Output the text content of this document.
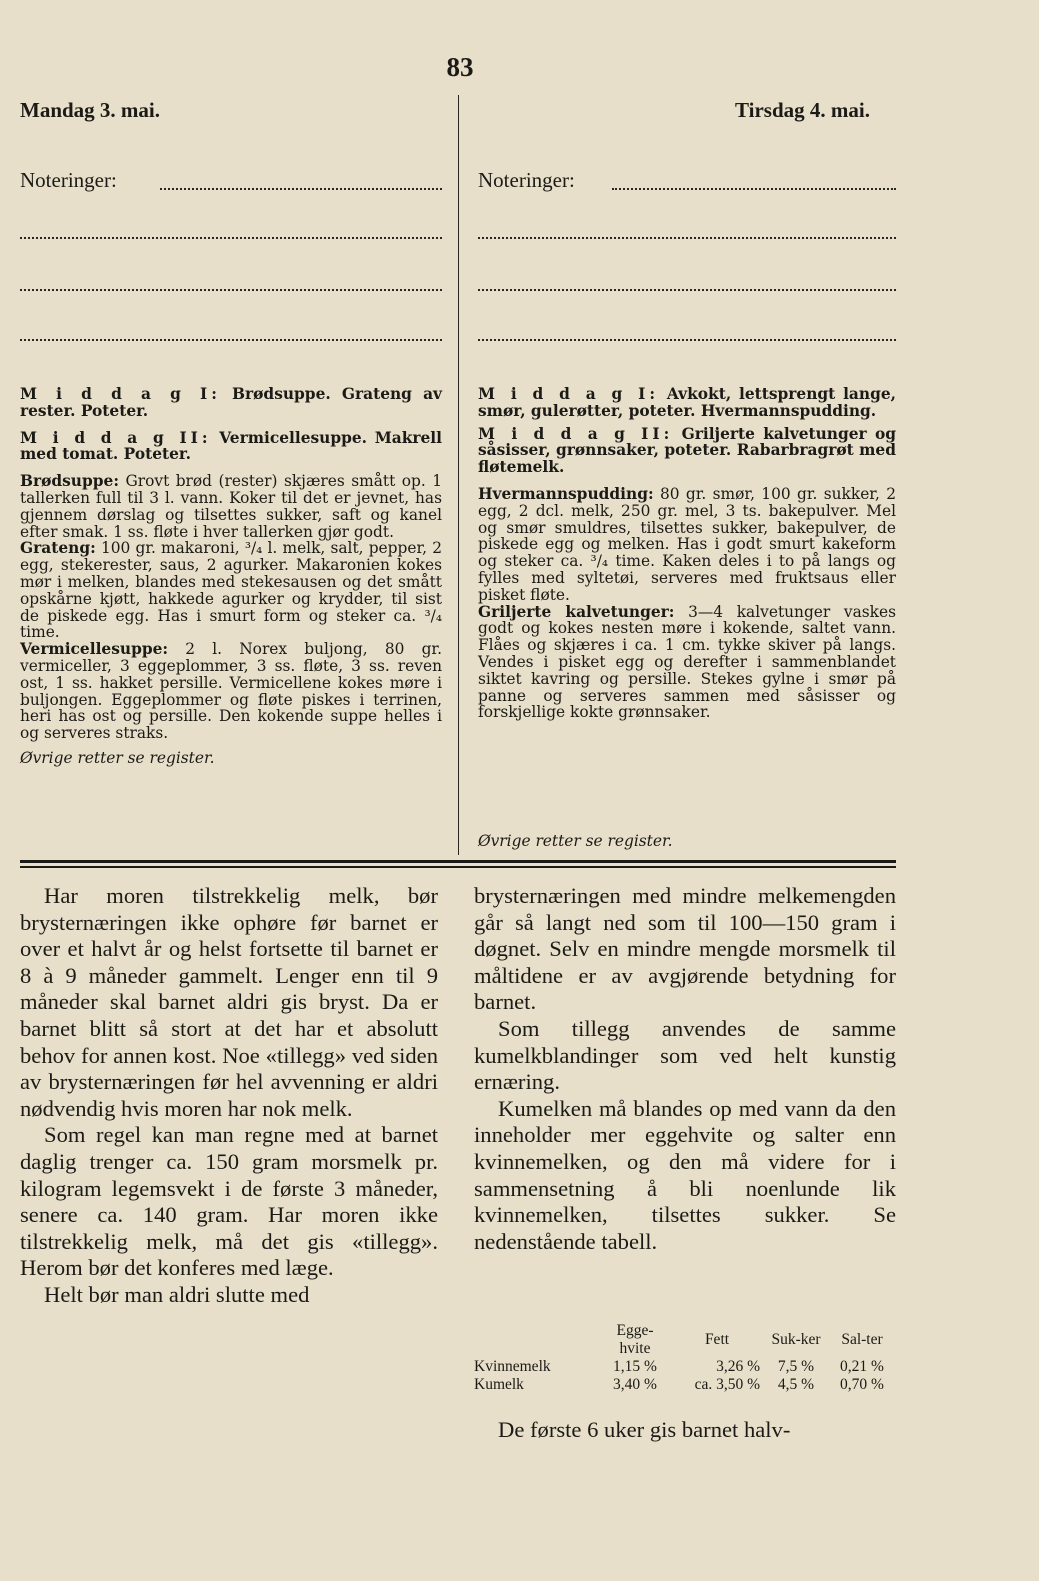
83
Mandag 3. mai.	Tirsdag 4. mai.
Noteringer:	Noteringer:

M i d d a g I: Brødsuppe. Grateng av rester. Poteter.

M i d d a g II: Vermicellesuppe. Makrell med tomat. Poteter.

Brødsuppe: Grovt brød (rester) skjæres smått op. 1 tallerken full til 3 l. vann. Koker til det er jevnet, has gjennem dørslag og tilsettes sukker, saft og kanel efter smak. 1 ss. fløte i hver tallerken gjør godt.

Grateng: 100 gr. makaroni, ³/₄ l. melk, salt, pepper, 2 egg, stekerester, saus, 2 agurker. Makaronien kokes mør i melken, blandes med stekesausen og det smått opskårne kjøtt, hakkede agurker og krydder, til sist de piskede egg. Has i smurt form og steker ca. ³/₄ time.

Vermicellesuppe: 2 l. Norex buljong, 80 gr. vermiceller, 3 eggeplommer, 3 ss. fløte, 3 ss. reven ost, 1 ss. hakket persille. Vermicellene kokes møre i buljongen. Eggeplommer og fløte piskes i terrinen, heri has ost og persille. Den kokende suppe helles i og serveres straks.

Øvrige retter se register.

M i d d a g I: Avkokt, lettsprengt lange, smør, gulerøtter, poteter. Hvermannspudding.

M i d d a g II: Griljerte kalvetunger og såsisser, grønnsaker, poteter. Rabarbragrøt med fløtemelk.

Hvermannspudding: 80 gr. smør, 100 gr. sukker, 2 egg, 2 dcl. melk, 250 gr. mel, 3 ts. bakepulver. Mel og smør smuldres, tilsettes sukker, bakepulver, de piskede egg og melken. Has i godt smurt kakeform og steker ca. ³/₄ time. Kaken deles i to på langs og fylles med syltetøi, serveres med fruktsaus eller pisket fløte.

Griljerte kalvetunger: 3—4 kalvetunger vaskes godt og kokes nesten møre i kokende, saltet vann. Flåes og skjæres i ca. 1 cm. tykke skiver på langs. Vendes i pisket egg og derefter i sammenblandet siktet kavring og persille. Stekes gylne i smør på panne og serveres sammen med såsisser og forskjellige kokte grønnsaker.

Øvrige retter se register.

Har moren tilstrekkelig melk, bør brysternæringen ikke ophøre før barnet er over et halvt år og helst fortsette til barnet er 8 à 9 måneder gammelt. Lenger enn til 9 måneder skal barnet aldri gis bryst. Da er barnet blitt så stort at det har et absolutt behov for annen kost. Noe «tillegg» ved siden av brysternæringen før hel avvenning er aldri nødvendig hvis moren har nok melk.

Som regel kan man regne med at barnet daglig trenger ca. 150 gram morsmelk pr. kilogram legemsvekt i de første 3 måneder, senere ca. 140 gram. Har moren ikke tilstrekkelig melk, må det gis «tillegg». Herom bør det konferes med læge.

Helt bør man aldri slutte med

brysternæringen med mindre melkemengden går så langt ned som til 100—150 gram i døgnet. Selv en mindre mengde morsmelk til måltidene er av avgjørende betydning for barnet.

Som tillegg anvendes de samme kumelkblandinger som ved helt kunstig ernæring.

Kumelken må blandes op med vann da den inneholder mer eggehvite og salter enn kvinnemelken, og den må videre for i sammensetning å bli noenlunde lik kvinnemelken, tilsettes sukker. Se nedenstående tabell.

	Egge-hvite	Fett	Suk-ker	Sal-ter
Kvinnemelk	1,15 %	3,26 %	7,5 %	0,21 %
Kumelk	3,40 %	ca. 3,50 %	4,5 %	0,70 %

De første 6 uker gis barnet halv-
